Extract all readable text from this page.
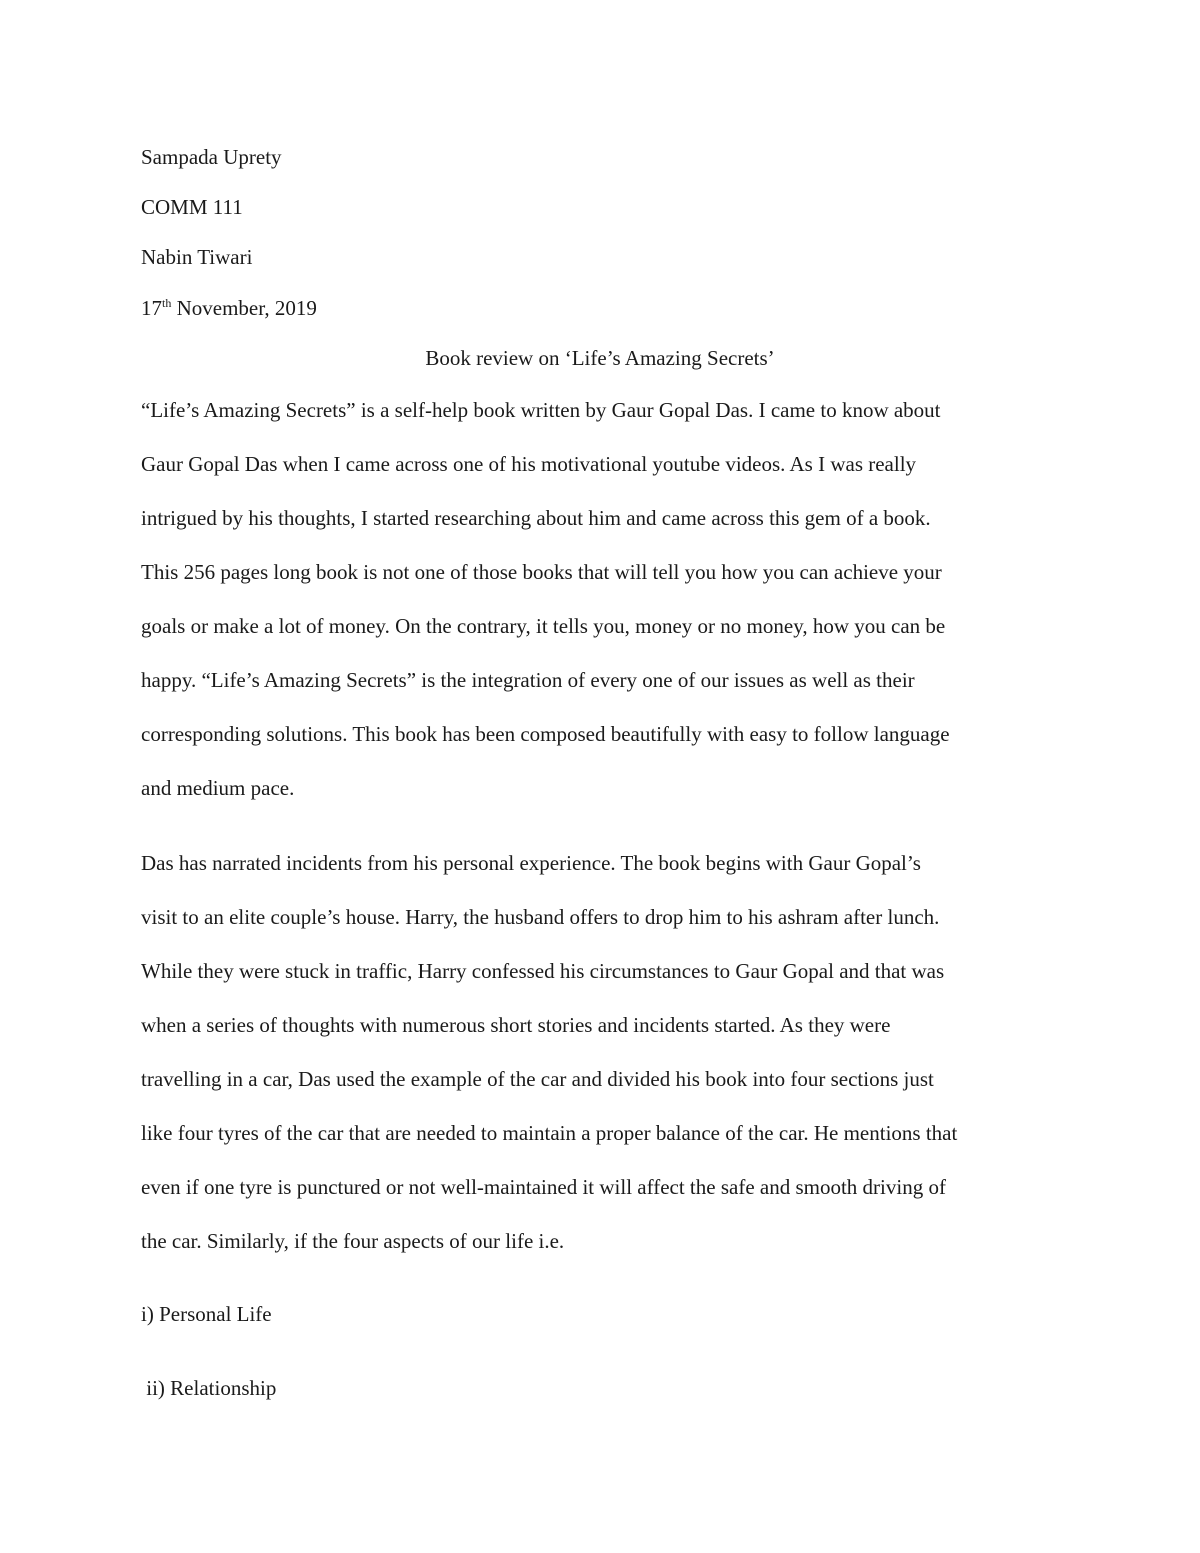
Sampada Uprety
COMM 111
Nabin Tiwari
17th November, 2019
Book review on ‘Life’s Amazing Secrets’
“Life’s Amazing Secrets” is a self-help book written by Gaur Gopal Das. I came to know about
Gaur Gopal Das when I came across one of his motivational youtube videos. As I was really
intrigued by his thoughts, I started researching about him and came across this gem of a book.
This 256 pages long book is not one of those books that will tell you how you can achieve your
goals or make a lot of money. On the contrary, it tells you, money or no money, how you can be
happy. “Life’s Amazing Secrets” is the integration of every one of our issues as well as their
corresponding solutions. This book has been composed beautifully with easy to follow language
and medium pace.
Das has narrated incidents from his personal experience. The book begins with Gaur Gopal’s
visit to an elite couple’s house. Harry, the husband offers to drop him to his ashram after lunch.
While they were stuck in traffic, Harry confessed his circumstances to Gaur Gopal and that was
when a series of thoughts with numerous short stories and incidents started. As they were
travelling in a car, Das used the example of the car and divided his book into four sections just
like four tyres of the car that are needed to maintain a proper balance of the car. He mentions that
even if one tyre is punctured or not well-maintained it will affect the safe and smooth driving of
the car. Similarly, if the four aspects of our life i.e.
i) Personal Life
ii) Relationship
